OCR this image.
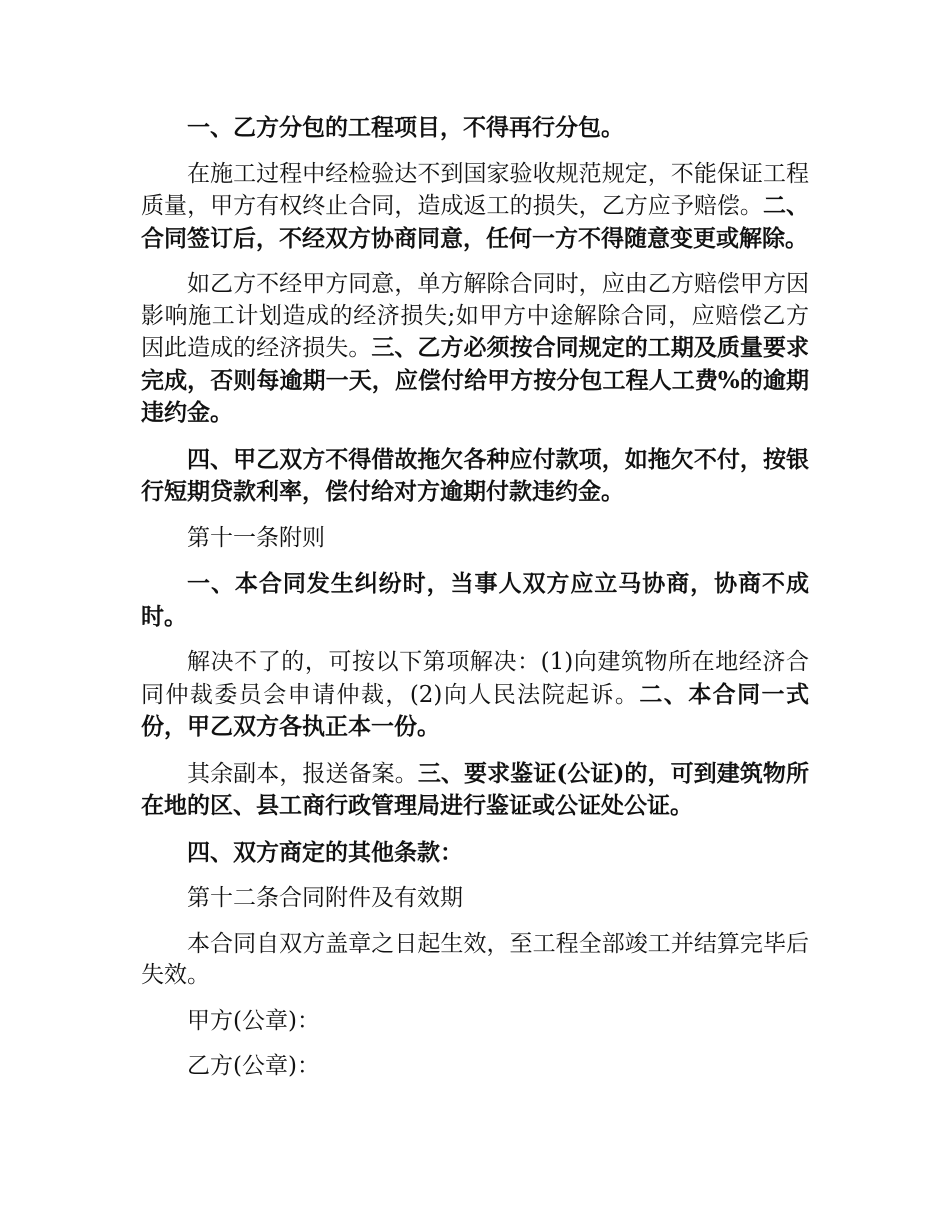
一、乙方分包的工程项目，不得再行分包。

在施工过程中经检验达不到国家验收规范规定，不能保证工程质量，甲方有权终止合同，造成返工的损失，乙方应予赔偿。二、合同签订后，不经双方协商同意，任何一方不得随意变更或解除。

如乙方不经甲方同意，单方解除合同时，应由乙方赔偿甲方因影响施工计划造成的经济损失;如甲方中途解除合同，应赔偿乙方因此造成的经济损失。三、乙方必须按合同规定的工期及质量要求完成，否则每逾期一天，应偿付给甲方按分包工程人工费%的逾期违约金。

四、甲乙双方不得借故拖欠各种应付款项，如拖欠不付，按银行短期贷款利率，偿付给对方逾期付款违约金。

第十一条附则

一、本合同发生纠纷时，当事人双方应立马协商，协商不成时。

解决不了的，可按以下第项解决：(1)向建筑物所在地经济合同仲裁委员会申请仲裁，(2)向人民法院起诉。二、本合同一式份，甲乙双方各执正本一份。

其余副本，报送备案。三、要求鉴证(公证)的，可到建筑物所在地的区、县工商行政管理局进行鉴证或公证处公证。

四、双方商定的其他条款：

第十二条合同附件及有效期

本合同自双方盖章之日起生效，至工程全部竣工并结算完毕后失效。

甲方(公章)：

乙方(公章)：
